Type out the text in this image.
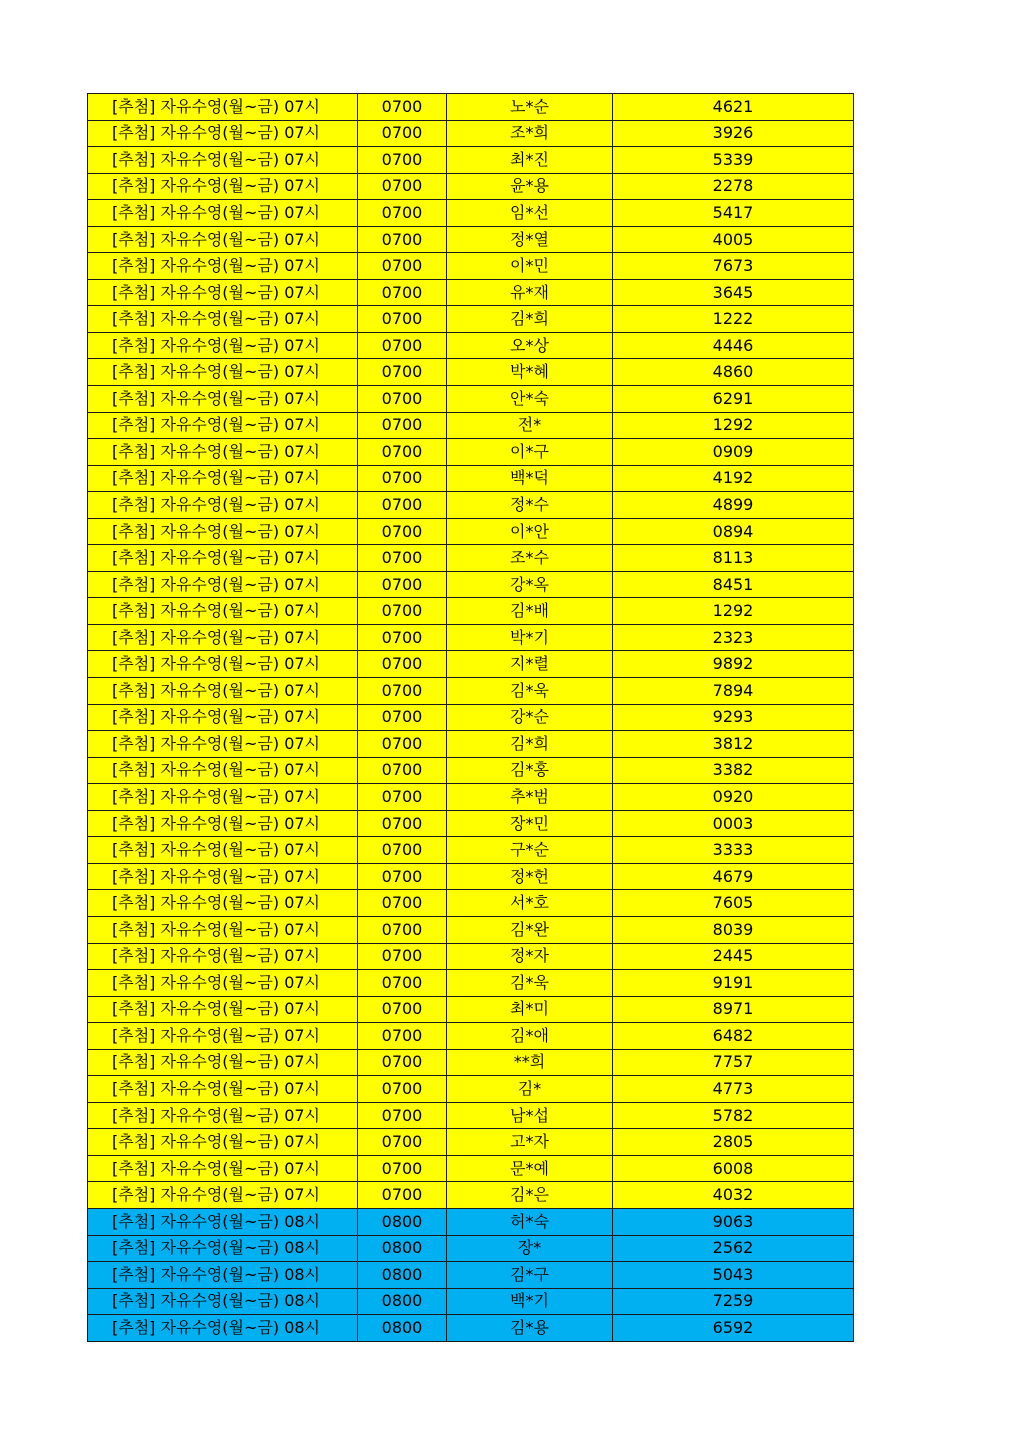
[추첨] 자유수영(월~금) 07시	0700	노*순	4621
[추첨] 자유수영(월~금) 07시	0700	조*희	3926
[추첨] 자유수영(월~금) 07시	0700	최*진	5339
[추첨] 자유수영(월~금) 07시	0700	윤*용	2278
[추첨] 자유수영(월~금) 07시	0700	임*선	5417
[추첨] 자유수영(월~금) 07시	0700	정*열	4005
[추첨] 자유수영(월~금) 07시	0700	이*민	7673
[추첨] 자유수영(월~금) 07시	0700	유*재	3645
[추첨] 자유수영(월~금) 07시	0700	김*희	1222
[추첨] 자유수영(월~금) 07시	0700	오*상	4446
[추첨] 자유수영(월~금) 07시	0700	박*혜	4860
[추첨] 자유수영(월~금) 07시	0700	안*숙	6291
[추첨] 자유수영(월~금) 07시	0700	전*	1292
[추첨] 자유수영(월~금) 07시	0700	이*구	0909
[추첨] 자유수영(월~금) 07시	0700	백*덕	4192
[추첨] 자유수영(월~금) 07시	0700	정*수	4899
[추첨] 자유수영(월~금) 07시	0700	이*안	0894
[추첨] 자유수영(월~금) 07시	0700	조*수	8113
[추첨] 자유수영(월~금) 07시	0700	강*옥	8451
[추첨] 자유수영(월~금) 07시	0700	김*배	1292
[추첨] 자유수영(월~금) 07시	0700	박*기	2323
[추첨] 자유수영(월~금) 07시	0700	지*렬	9892
[추첨] 자유수영(월~금) 07시	0700	김*욱	7894
[추첨] 자유수영(월~금) 07시	0700	강*순	9293
[추첨] 자유수영(월~금) 07시	0700	김*희	3812
[추첨] 자유수영(월~금) 07시	0700	김*홍	3382
[추첨] 자유수영(월~금) 07시	0700	추*범	0920
[추첨] 자유수영(월~금) 07시	0700	장*민	0003
[추첨] 자유수영(월~금) 07시	0700	구*순	3333
[추첨] 자유수영(월~금) 07시	0700	정*헌	4679
[추첨] 자유수영(월~금) 07시	0700	서*호	7605
[추첨] 자유수영(월~금) 07시	0700	김*완	8039
[추첨] 자유수영(월~금) 07시	0700	정*자	2445
[추첨] 자유수영(월~금) 07시	0700	김*욱	9191
[추첨] 자유수영(월~금) 07시	0700	최*미	8971
[추첨] 자유수영(월~금) 07시	0700	김*애	6482
[추첨] 자유수영(월~금) 07시	0700	**희	7757
[추첨] 자유수영(월~금) 07시	0700	김*	4773
[추첨] 자유수영(월~금) 07시	0700	남*섭	5782
[추첨] 자유수영(월~금) 07시	0700	고*자	2805
[추첨] 자유수영(월~금) 07시	0700	문*예	6008
[추첨] 자유수영(월~금) 07시	0700	김*은	4032
[추첨] 자유수영(월~금) 08시	0800	허*숙	9063
[추첨] 자유수영(월~금) 08시	0800	장*	2562
[추첨] 자유수영(월~금) 08시	0800	김*구	5043
[추첨] 자유수영(월~금) 08시	0800	백*기	7259
[추첨] 자유수영(월~금) 08시	0800	김*용	6592
